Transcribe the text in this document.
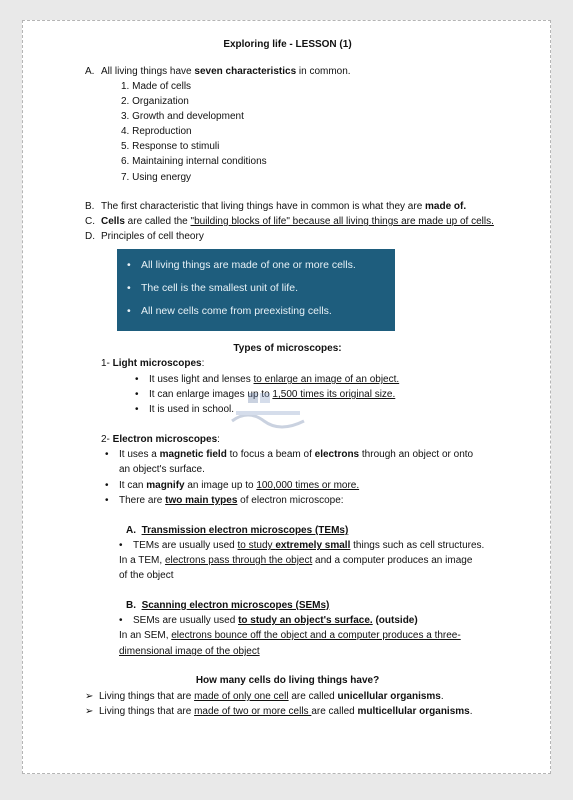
Exploring life - LESSON (1)
A. All living things have seven characteristics in common.
1. Made of cells
2. Organization
3. Growth and development
4. Reproduction
5. Response to stimuli
6. Maintaining internal conditions
7. Using energy
B. The first characteristic that living things have in common is what they are made of.
C. Cells are called the "building blocks of life" because all living things are made up of cells.
D. Principles of cell theory
• All living things are made of one or more cells.
• The cell is the smallest unit of life.
• All new cells come from preexisting cells.
Types of microscopes:
1- Light microscopes:
• It uses light and lenses to enlarge an image of an object.
• It can enlarge images up to 1,500 times its original size.
• It is used in school.
2- Electron microscopes:
• It uses a magnetic field to focus a beam of electrons through an object or onto
an object's surface.
• It can magnify an image up to 100,000 times or more.
• There are two main types of electron microscope:
A. Transmission electron microscopes (TEMs)
• TEMs are usually used to study extremely small things such as cell structures.
In a TEM, electrons pass through the object and a computer produces an image
of the object
B. Scanning electron microscopes (SEMs)
• SEMs are usually used to study an object's surface. (outside)
In an SEM, electrons bounce off the object and a computer produces a three-
dimensional image of the object
How many cells do living things have?
➢ Living things that are made of only one cell are called unicellular organisms.
➢ Living things that are made of two or more cells are called multicellular organisms.
